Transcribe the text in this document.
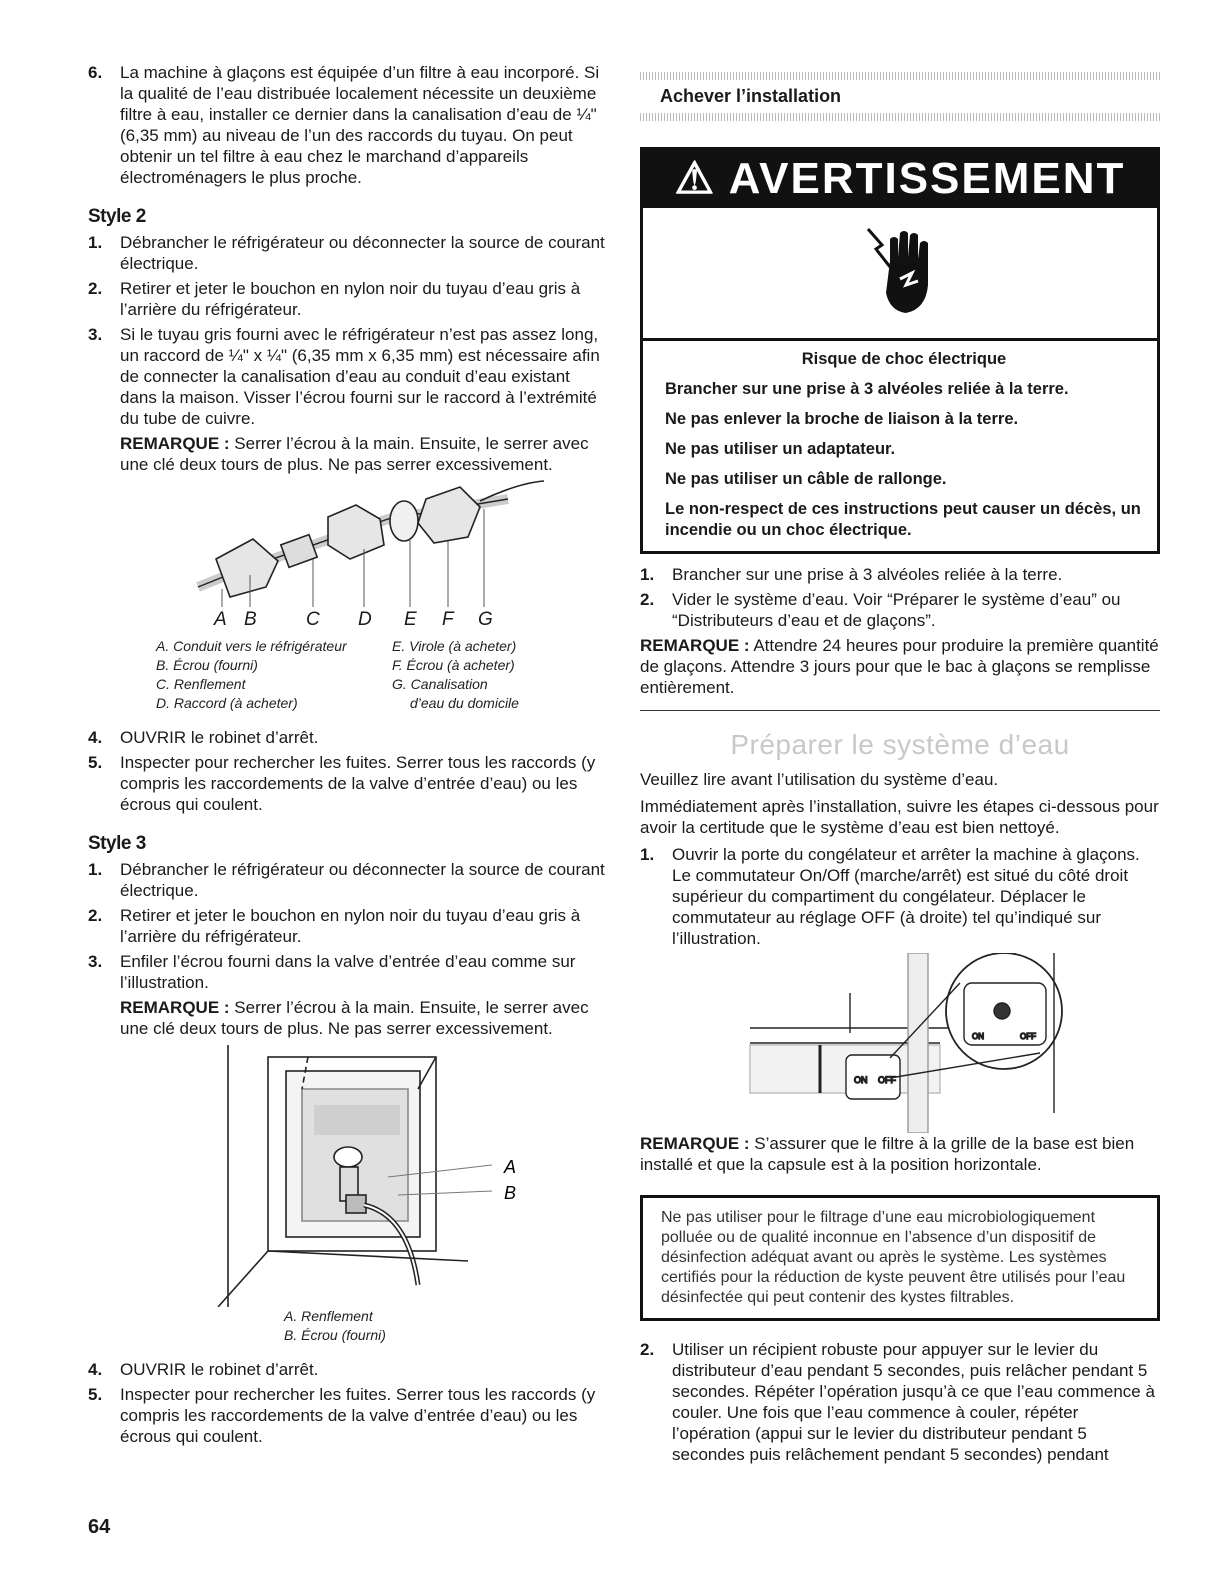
6. La machine à glaçons est équipée d’un filtre à eau incorporé. Si la qualité de l’eau distribuée localement nécessite un deuxième filtre à eau, installer ce dernier dans la canalisation d’eau de ¼" (6,35 mm) au niveau de l’un des raccords du tuyau. On peut obtenir un tel filtre à eau chez le marchand d’appareils électroménagers le plus proche.
Style 2
1. Débrancher le réfrigérateur ou déconnecter la source de courant électrique.
2. Retirer et jeter le bouchon en nylon noir du tuyau d’eau gris à l’arrière du réfrigérateur.
3. Si le tuyau gris fourni avec le réfrigérateur n’est pas assez long, un raccord de ¼" x ¼" (6,35 mm x 6,35 mm) est nécessaire afin de connecter la canalisation d’eau au conduit d’eau existant dans la maison. Visser l’écrou fourni sur le raccord à l’extrémité du tube de cuivre.

REMARQUE : Serrer l’écrou à la main. Ensuite, le serrer avec une clé deux tours de plus. Ne pas serrer excessivement.

A B	C D E F G
A. Conduit vers le réfrigérateur
B. Écrou (fourni)
C. Renflement
D. Raccord (à acheter)
E. Virole (à acheter)
F. Écrou (à acheter)
G. Canalisation
d’eau du domicile
4. OUVRIR le robinet d’arrêt.
5. Inspecter pour rechercher les fuites. Serrer tous les raccords (y compris les raccordements de la valve d’entrée d’eau) ou les écrous qui coulent.
Style 3
1. Débrancher le réfrigérateur ou déconnecter la source de courant électrique.
2. Retirer et jeter le bouchon en nylon noir du tuyau d’eau gris à l’arrière du réfrigérateur.
3. Enfiler l’écrou fourni dans la valve d’entrée d’eau comme sur l’illustration.

REMARQUE : Serrer l’écrou à la main. Ensuite, le serrer avec une clé deux tours de plus. Ne pas serrer excessivement.

A
B
A. Renflement
B. Écrou (fourni)
4. OUVRIR le robinet d’arrêt.
5. Inspecter pour rechercher les fuites. Serrer tous les raccords (y compris les raccordements de la valve d’entrée d’eau) ou les écrous qui coulent.
Achever l’installation
⚠ AVERTISSEMENT

Risque de choc électrique

Brancher sur une prise à 3 alvéoles reliée à la terre.

Ne pas enlever la broche de liaison à la terre.

Ne pas utiliser un adaptateur.

Ne pas utiliser un câble de rallonge.

Le non-respect de ces instructions peut causer un décès, un incendie ou un choc électrique.

1. Brancher sur une prise à 3 alvéoles reliée à la terre.
2. Vider le système d’eau. Voir “Préparer le système d’eau” ou “Distributeurs d’eau et de glaçons”.

REMARQUE : Attendre 24 heures pour produire la première quantité de glaçons. Attendre 3 jours pour que le bac à glaçons se remplisse entièrement.

Préparer le système d’eau

Veuillez lire avant l’utilisation du système d’eau.

Immédiatement après l’installation, suivre les étapes ci-dessous pour avoir la certitude que le système d’eau est bien nettoyé.

1. Ouvrir la porte du congélateur et arrêter la machine à glaçons. Le commutateur On/Off (marche/arrêt) est situé du côté droit supérieur du compartiment du congélateur. Déplacer le commutateur au réglage OFF (à droite) tel qu’indiqué sur l’illustration.
ON OFF
ON	OFF

REMARQUE : S’assurer que le filtre à la grille de la base est bien installé et que la capsule est à la position horizontale.

Ne pas utiliser pour le filtrage d’une eau microbiologiquement polluée ou de qualité inconnue en l’absence d’un dispositif de désinfection adéquat avant ou après le système. Les systèmes certifiés pour la réduction de kyste peuvent être utilisés pour l’eau désinfectée qui peut contenir des kystes filtrables.
2. Utiliser un récipient robuste pour appuyer sur le levier du distributeur d’eau pendant 5 secondes, puis relâcher pendant 5 secondes. Répéter l’opération jusqu’à ce que l’eau commence à couler. Une fois que l’eau commence à couler, répéter l’opération (appui sur le levier du distributeur pendant 5 secondes puis relâchement pendant 5 secondes) pendant
64
